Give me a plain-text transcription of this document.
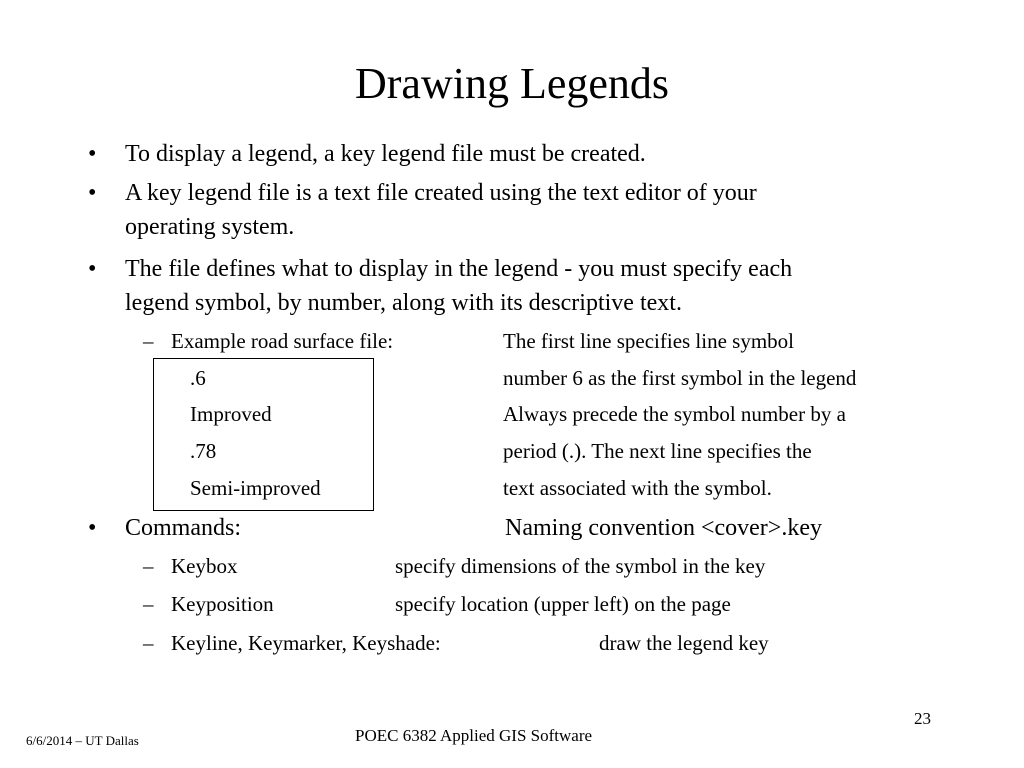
Drawing Legends
• To display a legend, a key legend file must be created.
• A key legend file is a text file created using the text editor of your
operating system.
• The file defines what to display in the legend - you must specify each
legend symbol, by number, along with its descriptive text.
– Example road surface file:
.6
Improved
.78
Semi-improved
The first line specifies line symbol
number 6 as the first symbol in the legend
Always precede the symbol number by a
period (.). The next line specifies the
text associated with the symbol.
• Commands:	Naming convention <cover>.key
– Keybox	specify dimensions of the symbol in the key
– Keyposition	specify location (upper left) on the page
– Keyline, Keymarker, Keyshade:	draw the legend key
6/6/2014 – UT Dallas	POEC 6382 Applied GIS Software
23
